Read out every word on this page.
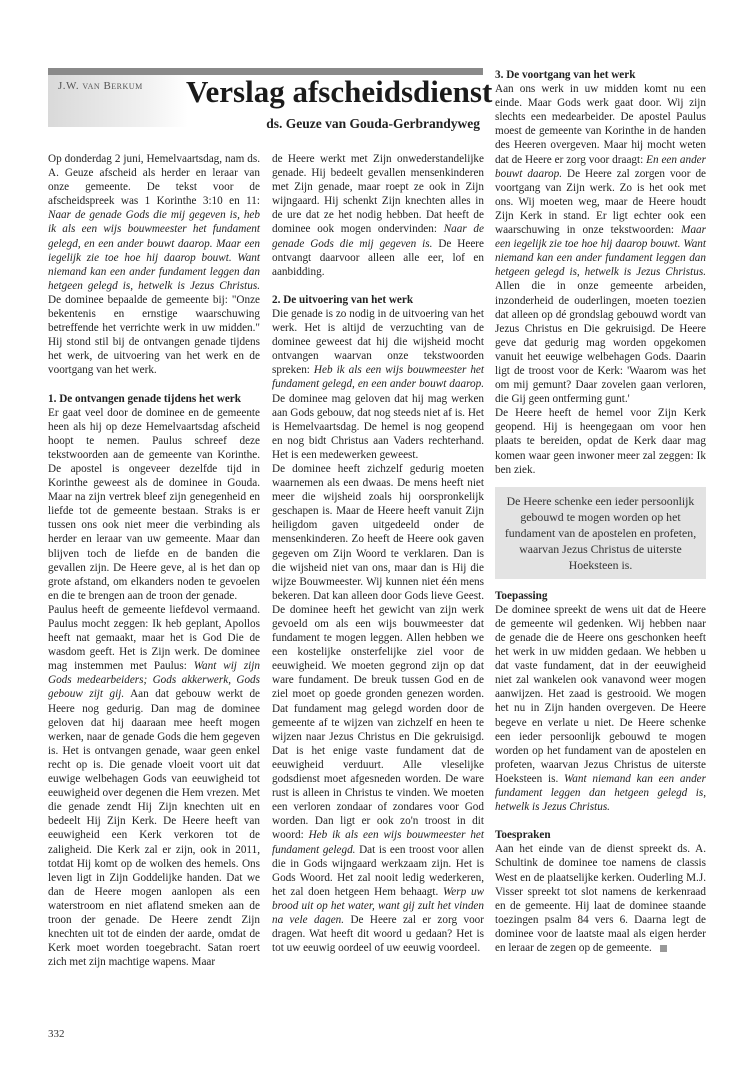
J.W. van Berkum Verslag afscheidsdienst
ds. Geuze van Gouda-Gerbrandyweg

Op donderdag 2 juni, Hemelvaartsdag, nam ds. A. Geuze afscheid als herder en leraar van onze gemeente. De tekst voor de afscheidspreek was 1 Korinthe 3:10 en 11: Naar de genade Gods die mij gegeven is, heb ik als een wijs bouwmeester het fundament gelegd, en een ander bouwt daarop. Maar een iegelijk zie toe hoe hij daarop bouwt. Want niemand kan een ander fundament leggen dan hetgeen gelegd is, hetwelk is Jezus Christus. De dominee bepaalde de gemeente bij: "Onze bekentenis en ernstige waarschuwing betreffende het verrichte werk in uw midden." Hij stond stil bij de ontvangen genade tijdens het werk, de uitvoering van het werk en de voortgang van het werk.

1. De ontvangen genade tijdens het werk

Er gaat veel door de dominee en de gemeente heen als hij op deze Hemelvaartsdag afscheid hoopt te nemen. Paulus schreef deze tekstwoorden aan de gemeente van Korinthe. De apostel is ongeveer dezelfde tijd in Korinthe geweest als de dominee in Gouda. Maar na zijn vertrek bleef zijn genegenheid en liefde tot de gemeente bestaan. Straks is er tussen ons ook niet meer die verbinding als herder en leraar van uw gemeente. Maar dan blijven toch de liefde en de banden die gevallen zijn. De Heere geve, al is het dan op grote afstand, om elkanders noden te gevoelen en die te brengen aan de troon der genade.

Paulus heeft de gemeente liefdevol vermaand. Paulus mocht zeggen: Ik heb geplant, Apollos heeft nat gemaakt, maar het is God Die de wasdom geeft. Het is Zijn werk. De dominee mag instemmen met Paulus: Want wij zijn Gods medearbeiders; Gods akkerwerk, Gods gebouw zijt gij. Aan dat gebouw werkt de Heere nog gedurig. Dan mag de dominee geloven dat hij daaraan mee heeft mogen werken, naar de genade Gods die hem gegeven is. Het is ontvangen genade, waar geen enkel recht op is. Die genade vloeit voort uit dat euwige welbehagen Gods van eeuwigheid tot eeuwigheid over degenen die Hem vrezen. Met die genade zendt Hij Zijn knechten uit en bedeelt Hij Zijn Kerk. De Heere heeft van eeuwigheid een Kerk verkoren tot de zaligheid. Die Kerk zal er zijn, ook in 2011, totdat Hij komt op de wolken des hemels. Ons leven ligt in Zijn Goddelijke handen. Dat we dan de Heere mogen aanlopen als een waterstroom en niet aflatend smeken aan de troon der genade. De Heere zendt Zijn knechten uit tot de einden der aarde, omdat de Kerk moet worden toegebracht. Satan roert zich met zijn machtige wapens. Maar

de Heere werkt met Zijn onwederstandelijke genade. Hij bedeelt gevallen mensenkinderen met Zijn genade, maar roept ze ook in Zijn wijngaard. Hij schenkt Zijn knechten alles in de ure dat ze het nodig hebben. Dat heeft de dominee ook mogen ondervinden: Naar de genade Gods die mij gegeven is. De Heere ontvangt daarvoor alleen alle eer, lof en aanbidding.

2. De uitvoering van het werk

Die genade is zo nodig in de uitvoering van het werk. Het is altijd de verzuchting van de dominee geweest dat hij die wijsheid mocht ontvangen waarvan onze tekstwoorden spreken: Heb ik als een wijs bouwmeester het fundament gelegd, en een ander bouwt daarop. De dominee mag geloven dat hij mag werken aan Gods gebouw, dat nog steeds niet af is. Het is Hemelvaartsdag. De hemel is nog geopend en nog bidt Christus aan Vaders rechterhand. Het is een medewerken geweest.

De dominee heeft zichzelf gedurig moeten waarnemen als een dwaas. De mens heeft niet meer die wijsheid zoals hij oorspronkelijk geschapen is. Maar de Heere heeft vanuit Zijn heiligdom gaven uitgedeeld onder de mensenkinderen. Zo heeft de Heere ook gaven gegeven om Zijn Woord te verklaren. Dan is die wijsheid niet van ons, maar dan is Hij die wijze Bouwmeester. Wij kunnen niet één mens bekeren. Dat kan alleen door Gods lieve Geest. De dominee heeft het gewicht van zijn werk gevoeld om als een wijs bouwmeester dat fundament te mogen leggen. Allen hebben we een kostelijke onsterfelijke ziel voor de eeuwigheid. We moeten gegrond zijn op dat ware fundament. De breuk tussen God en de ziel moet op goede gronden genezen worden. Dat fundament mag gelegd worden door de gemeente af te wijzen van zichzelf en heen te wijzen naar Jezus Christus en Die gekruisigd. Dat is het enige vaste fundament dat de eeuwigheid verduurt. Alle vleselijke godsdienst moet afgesneden worden. De ware rust is alleen in Christus te vinden. We moeten een verloren zondaar of zondares voor God worden. Dan ligt er ook zo'n troost in dit woord: Heb ik als een wijs bouwmeester het fundament gelegd. Dat is een troost voor allen die in Gods wijngaard werkzaam zijn. Het is Gods Woord. Het zal nooit ledig wederkeren, het zal doen hetgeen Hem behaagt. Werp uw brood uit op het water, want gij zult het vinden na vele dagen. De Heere zal er zorg voor dragen. Wat heeft dit woord u gedaan? Het is tot uw eeuwig oordeel of uw eeuwig voordeel.

3. De voortgang van het werk

Aan ons werk in uw midden komt nu een einde. Maar Gods werk gaat door. Wij zijn slechts een medearbeider. De apostel Paulus moest de gemeente van Korinthe in de handen des Heeren overgeven. Maar hij mocht weten dat de Heere er zorg voor draagt: En een ander bouwt daarop. De Heere zal zorgen voor de voortgang van Zijn werk. Zo is het ook met ons. Wij moeten weg, maar de Heere houdt Zijn Kerk in stand. Er ligt echter ook een waarschuwing in onze tekstwoorden: Maar een iegelijk zie toe hoe hij daarop bouwt. Want niemand kan een ander fundament leggen dan hetgeen gelegd is, hetwelk is Jezus Christus. Allen die in onze gemeente arbeiden, inzonderheid de ouderlingen, moeten toezien dat alleen op dé grondslag gebouwd wordt van Jezus Christus en Die gekruisigd. De Heere geve dat gedurig mag worden opgekomen vanuit het eeuwige welbehagen Gods. Daarin ligt de troost voor de Kerk: 'Waarom was het om mij gemunt? Daar zovelen gaan verloren, die Gij geen ontferming gunt.'

De Heere heeft de hemel voor Zijn Kerk geopend. Hij is heengegaan om voor hen plaats te bereiden, opdat de Kerk daar mag komen waar geen inwoner meer zal zeggen: Ik ben ziek.

De Heere schenke een ieder persoonlijk gebouwd te mogen worden op het fundament van de apostelen en profeten, waarvan Jezus Christus de uiterste Hoeksteen is.
Toepassing

De dominee spreekt de wens uit dat de Heere de gemeente wil gedenken. Wij hebben naar de genade die de Heere ons geschonken heeft het werk in uw midden gedaan. We hebben u dat vaste fundament, dat in der eeuwigheid niet zal wankelen ook vanavond weer mogen aanwijzen. Het zaad is gestrooid. We mogen het nu in Zijn handen overgeven. De Heere begeve en verlate u niet. De Heere schenke een ieder persoonlijk gebouwd te mogen worden op het fundament van de apostelen en profeten, waarvan Jezus Christus de uiterste Hoeksteen is. Want niemand kan een ander fundament leggen dan hetgeen gelegd is, hetwelk is Jezus Christus.

Toespraken

Aan het einde van de dienst spreekt ds. A. Schultink de dominee toe namens de classis West en de plaatselijke kerken. Ouderling M.J. Visser spreekt tot slot namens de kerkenraad en de gemeente. Hij laat de dominee staande toezingen psalm 84 vers 6. Daarna legt de dominee voor de laatste maal als eigen herder en leraar de zegen op de gemeente.

332
